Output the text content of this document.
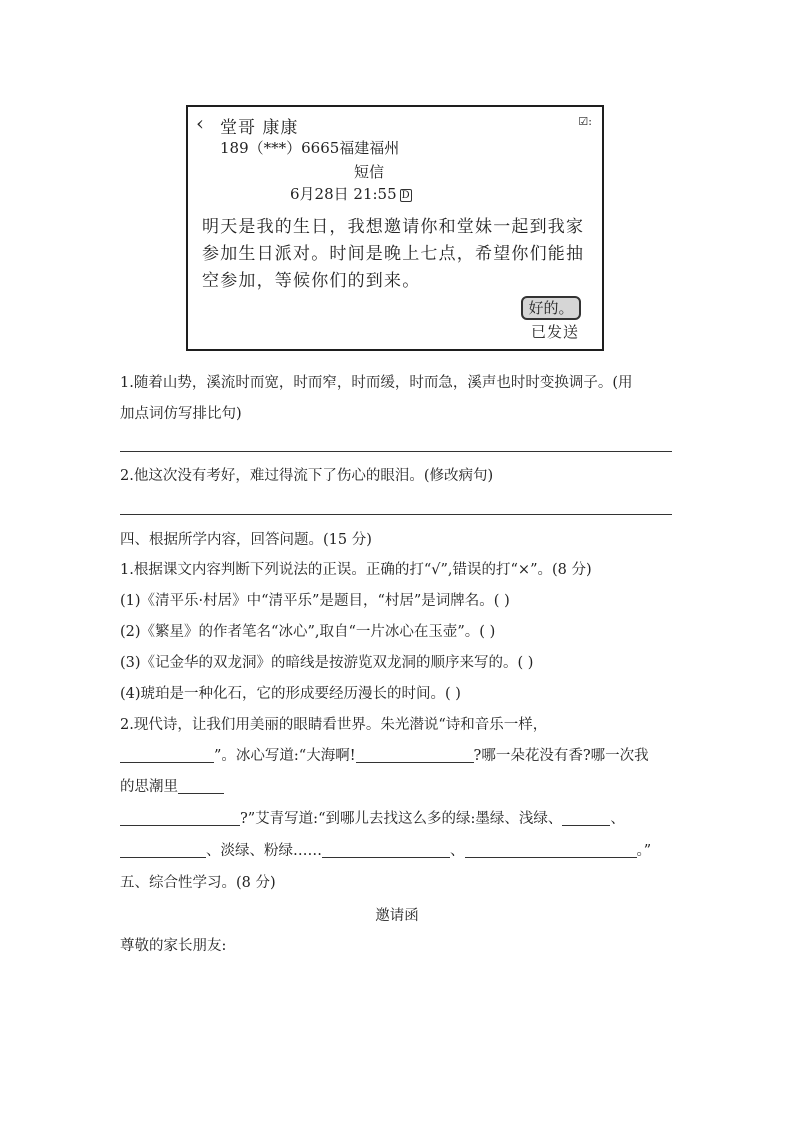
‹ 堂哥 康康	☑:
189（***）6665福建福州
短信
6月28日 21:55 D
明天是我的生日，我想邀请你和堂妹一起到我家参加生日派对。时间是晚上七点，希望你们能抽空参加，等候你们的到来。
好的。
已发送
1.随着山势，溪流时而宽，时而窄，时而缓，时而急，溪声也时时变换调子。(用
加点词仿写排比句)
2.他这次没有考好，难过得流下了伤心的眼泪。(修改病句)
四、根据所学内容，回答问题。(15 分)
1.根据课文内容判断下列说法的正误。正确的打“√”,错误的打“×”。(8 分)
(1)《清平乐·村居》中“清平乐”是题目，“村居”是词牌名。( )
(2)《繁星》的作者笔名“冰心”,取自“一片冰心在玉壶”。( )
(3)《记金华的双龙洞》的暗线是按游览双龙洞的顺序来写的。( )
(4)琥珀是一种化石，它的形成要经历漫长的时间。( )
2.现代诗，让我们用美丽的眼睛看世界。朱光潜说“诗和音乐一样，
”。冰心写道:“大海啊!	?哪一朵花没有香?哪一次我
的思潮里
?”艾青写道:“到哪儿去找这么多的绿:墨绿、浅绿、	、
、淡绿、粉绿……	、	。”
五、综合性学习。(8 分)
邀请函
尊敬的家长朋友:
